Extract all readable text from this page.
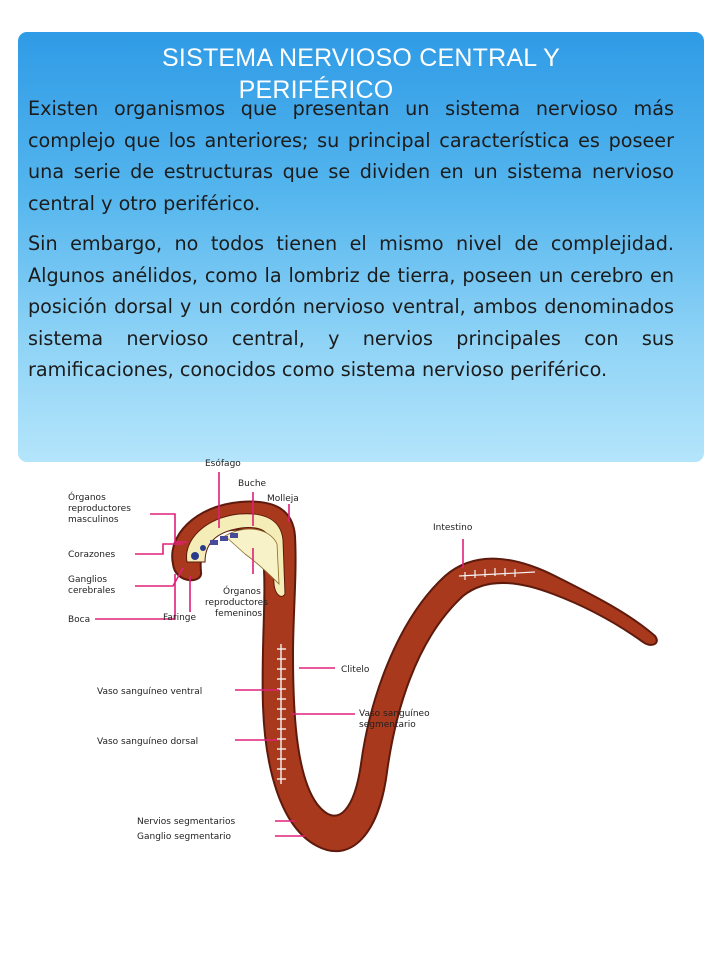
SISTEMA NERVIOSO CENTRAL Y
PERIFÉRICO

Existen organismos que presentan un sistema nervioso más complejo que los anteriores; su principal característica es poseer una serie de estructuras que se dividen en un sistema nervioso central y otro periférico.

Sin embargo, no todos tienen el mismo nivel de complejidad. Algunos anélidos, como la lombriz de tierra, poseen un cerebro en posición dorsal y un cordón nervioso ventral, ambos denominados sistema nervioso central, y nervios principales con sus ramificaciones, conocidos como sistema nervioso periférico.

Esófago
Buche
Molleja
Órganos
reproductores
masculinos
Corazones
Ganglios
cerebrales
Boca	Faringe
Órganos
reproductores
femeninos
Intestino
Clitelo
Vaso sanguíneo ventral
Vaso sanguíneo dorsal
Vaso sanguíneo
segmentario
Nervios segmentarios
Ganglio segmentario
